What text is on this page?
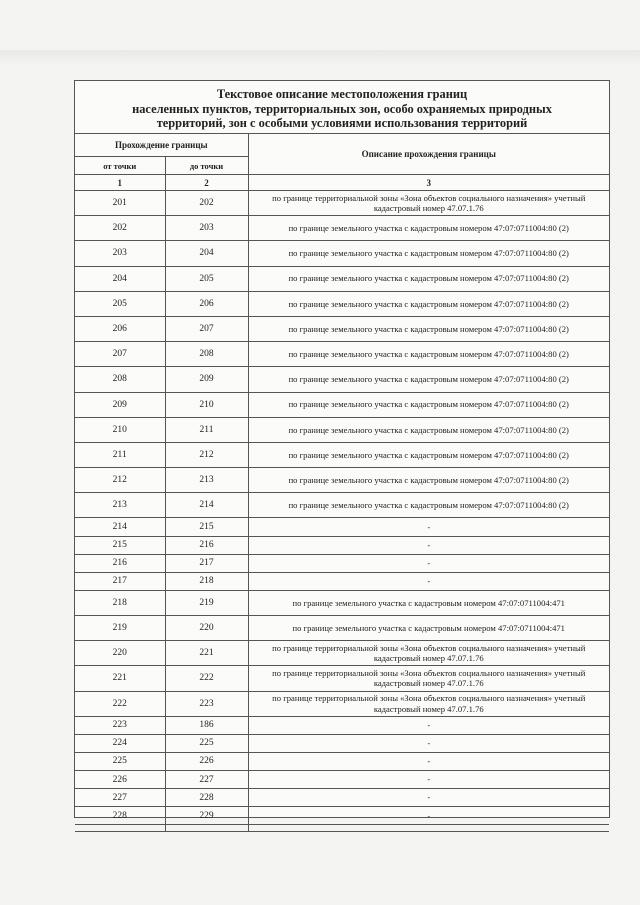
Текстовое описание местоположения границ
населенных пунктов, территориальных зон, особо охраняемых природных
территорий, зон с особыми условиями использования территорий
Прохождение границы		Описание прохождения границы
от точки	до точки	
1	2	3
201	202	по границе территориальной зоны «Зона объектов социального назначения» учетный кадастровый номер 47.07.1.76
202	203	по границе земельного участка с кадастровым номером 47:07:0711004:80 (2)
203	204	по границе земельного участка с кадастровым номером 47:07:0711004:80 (2)
204	205	по границе земельного участка с кадастровым номером 47:07:0711004:80 (2)
205	206	по границе земельного участка с кадастровым номером 47:07:0711004:80 (2)
206	207	по границе земельного участка с кадастровым номером 47:07:0711004:80 (2)
207	208	по границе земельного участка с кадастровым номером 47:07:0711004:80 (2)
208	209	по границе земельного участка с кадастровым номером 47:07:0711004:80 (2)
209	210	по границе земельного участка с кадастровым номером 47:07:0711004:80 (2)
210	211	по границе земельного участка с кадастровым номером 47:07:0711004:80 (2)
211	212	по границе земельного участка с кадастровым номером 47:07:0711004:80 (2)
212	213	по границе земельного участка с кадастровым номером 47:07:0711004:80 (2)
213	214	по границе земельного участка с кадастровым номером 47:07:0711004:80 (2)
214	215	-
215	216	-
216	217	-
217	218	-
218	219	по границе земельного участка с кадастровым номером 47:07:0711004:471
219	220	по границе земельного участка с кадастровым номером 47:07:0711004:471
220	221	по границе территориальной зоны «Зона объектов социального назначения» учетный кадастровый номер 47.07.1.76
221	222	по границе территориальной зоны «Зона объектов социального назначения» учетный кадастровый номер 47.07.1.76
222	223	по границе территориальной зоны «Зона объектов социального назначения» учетный кадастровый номер 47.07.1.76
223	186	-
224	225	-
225	226	-
226	227	-
227	228	-
228	229	-
